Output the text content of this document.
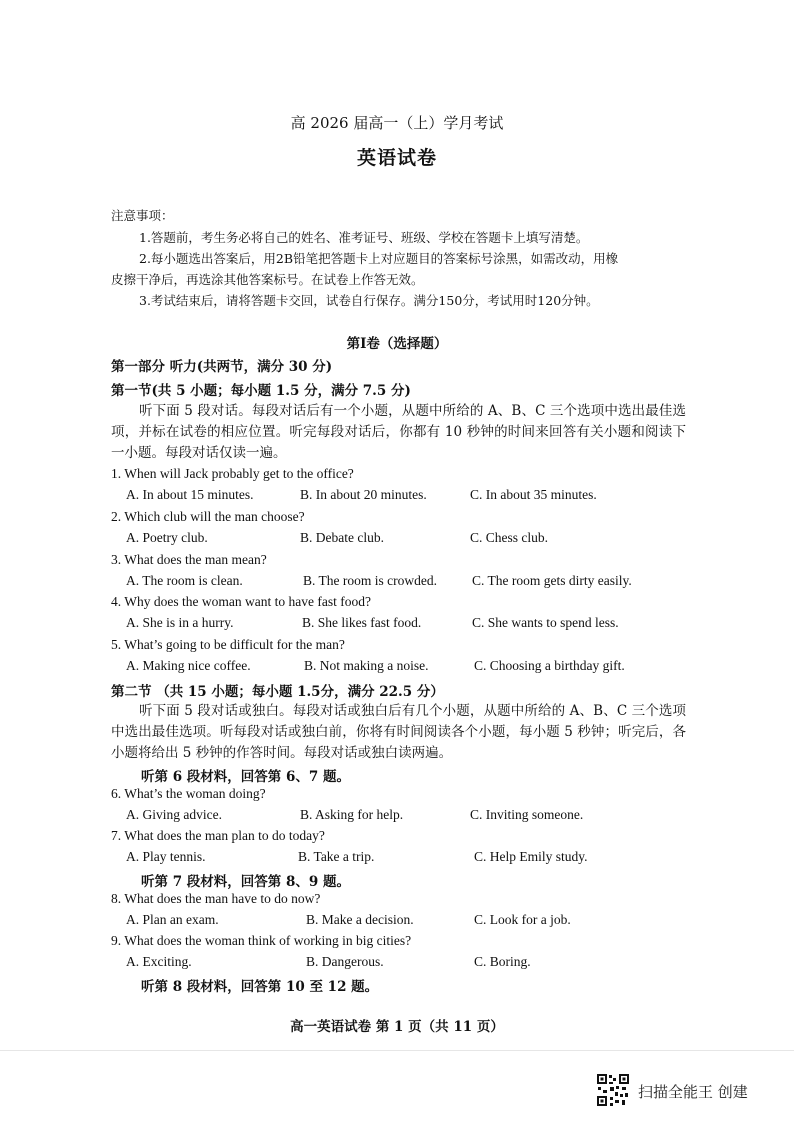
高 2026 届高一（上）学月考试
英语试卷
注意事项：
1.答题前，考生务必将自己的姓名、准考证号、班级、学校在答题卡上填写清楚。
2.每小题选出答案后，用2B铅笔把答题卡上对应题目的答案标号涂黑，如需改动，用橡
皮擦干净后，再选涂其他答案标号。在试卷上作答无效。
3.考试结束后，请将答题卡交回，试卷自行保存。满分150分，考试用时120分钟。
第Ⅰ卷（选择题）
第一部分 听力(共两节，满分 30 分)
第一节(共 5 小题；每小题 1.5 分，满分 7.5 分)
听下面 5 段对话。每段对话后有一个小题，从题中所给的 A、B、C 三个选项中选出最佳选项，并标在试卷的相应位置。听完每段对话后，你都有 10 秒钟的时间来回答有关小题和阅读下一小题。每段对话仅读一遍。
1. When will Jack probably get to the office?
A. In about 15 minutes.	B. In about 20 minutes.	C. In about 35 minutes.
2. Which club will the man choose?
A. Poetry club.	B. Debate club.	C. Chess club.
3. What does the man mean?
A. The room is clean.	B. The room is crowded.	C. The room gets dirty easily.
4. Why does the woman want to have fast food?
A. She is in a hurry.	B. She likes fast food.	C. She wants to spend less.
5. What’s going to be difficult for the man?
A. Making nice coffee.	B. Not making a noise.	C. Choosing a birthday gift.
第二节 （共 15 小题；每小题 1.5分，满分 22.5 分）
听下面 5 段对话或独白。每段对话或独白后有几个小题，从题中所给的 A、B、C 三个选项中选出最佳选项。听每段对话或独白前，你将有时间阅读各个小题，每小题 5 秒钟；听完后，各小题将给出 5 秒钟的作答时间。每段对话或独白读两遍。
听第 6 段材料，回答第 6、7 题。
6. What’s the woman doing?
A. Giving advice.	B. Asking for help.	C. Inviting someone.
7. What does the man plan to do today?
A. Play tennis.	B. Take a trip.	C. Help Emily study.
听第 7 段材料，回答第 8、9 题。
8. What does the man have to do now?
A. Plan an exam.	B. Make a decision.	C. Look for a job.
9. What does the woman think of working in big cities?
A. Exciting.	B. Dangerous.	C. Boring.
听第 8 段材料，回答第 10 至 12 题。
高一英语试卷 第 1 页（共 11 页）
扫描全能王 创建
